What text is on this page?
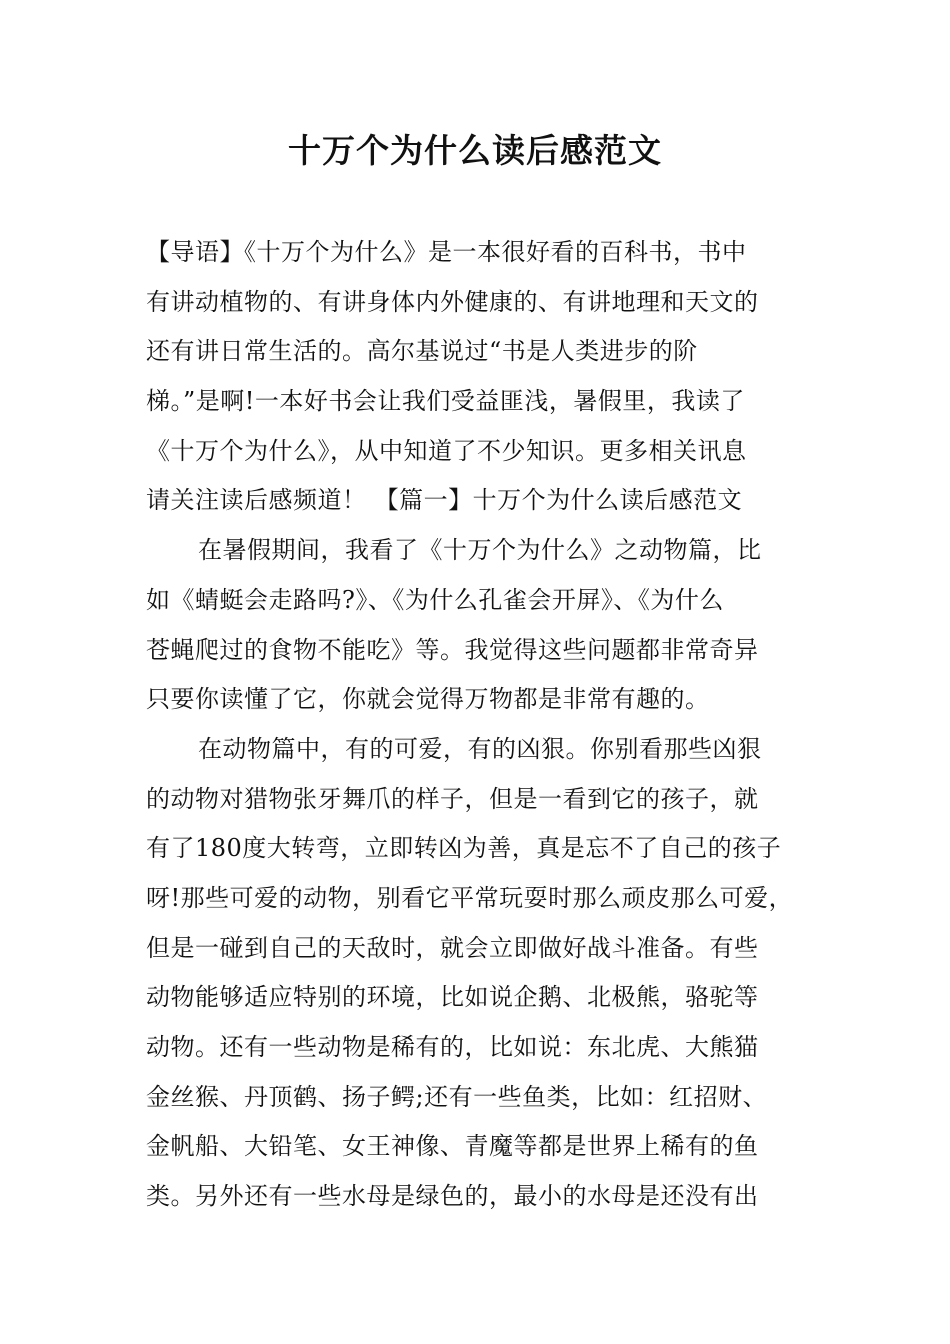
十万个为什么读后感范文
【导语】《十万个为什么》是一本很好看的百科书，书中
有讲动植物的、有讲身体内外健康的、有讲地理和天文的
还有讲日常生活的。高尔基说过“书是人类进步的阶
梯。”是啊!一本好书会让我们受益匪浅，暑假里，我读了
《十万个为什么》，从中知道了不少知识。更多相关讯息
请关注读后感频道！ 【篇一】十万个为什么读后感范文
在暑假期间，我看了《十万个为什么》之动物篇，比
如《蜻蜓会走路吗?》、《为什么孔雀会开屏》、《为什么
苍蝇爬过的食物不能吃》等。我觉得这些问题都非常奇异
只要你读懂了它，你就会觉得万物都是非常有趣的。
在动物篇中，有的可爱，有的凶狠。你别看那些凶狠
的动物对猎物张牙舞爪的样子，但是一看到它的孩子，就
有了180度大转弯，立即转凶为善，真是忘不了自己的孩子
呀!那些可爱的动物，别看它平常玩耍时那么顽皮那么可爱，
但是一碰到自己的天敌时，就会立即做好战斗准备。有些
动物能够适应特别的环境，比如说企鹅、北极熊，骆驼等
动物。还有一些动物是稀有的，比如说：东北虎、大熊猫
金丝猴、丹顶鹤、扬子鳄;还有一些鱼类，比如：红招财、
金帆船、大铅笔、女王神像、青魔等都是世界上稀有的鱼
类。另外还有一些水母是绿色的，最小的水母是还没有出
